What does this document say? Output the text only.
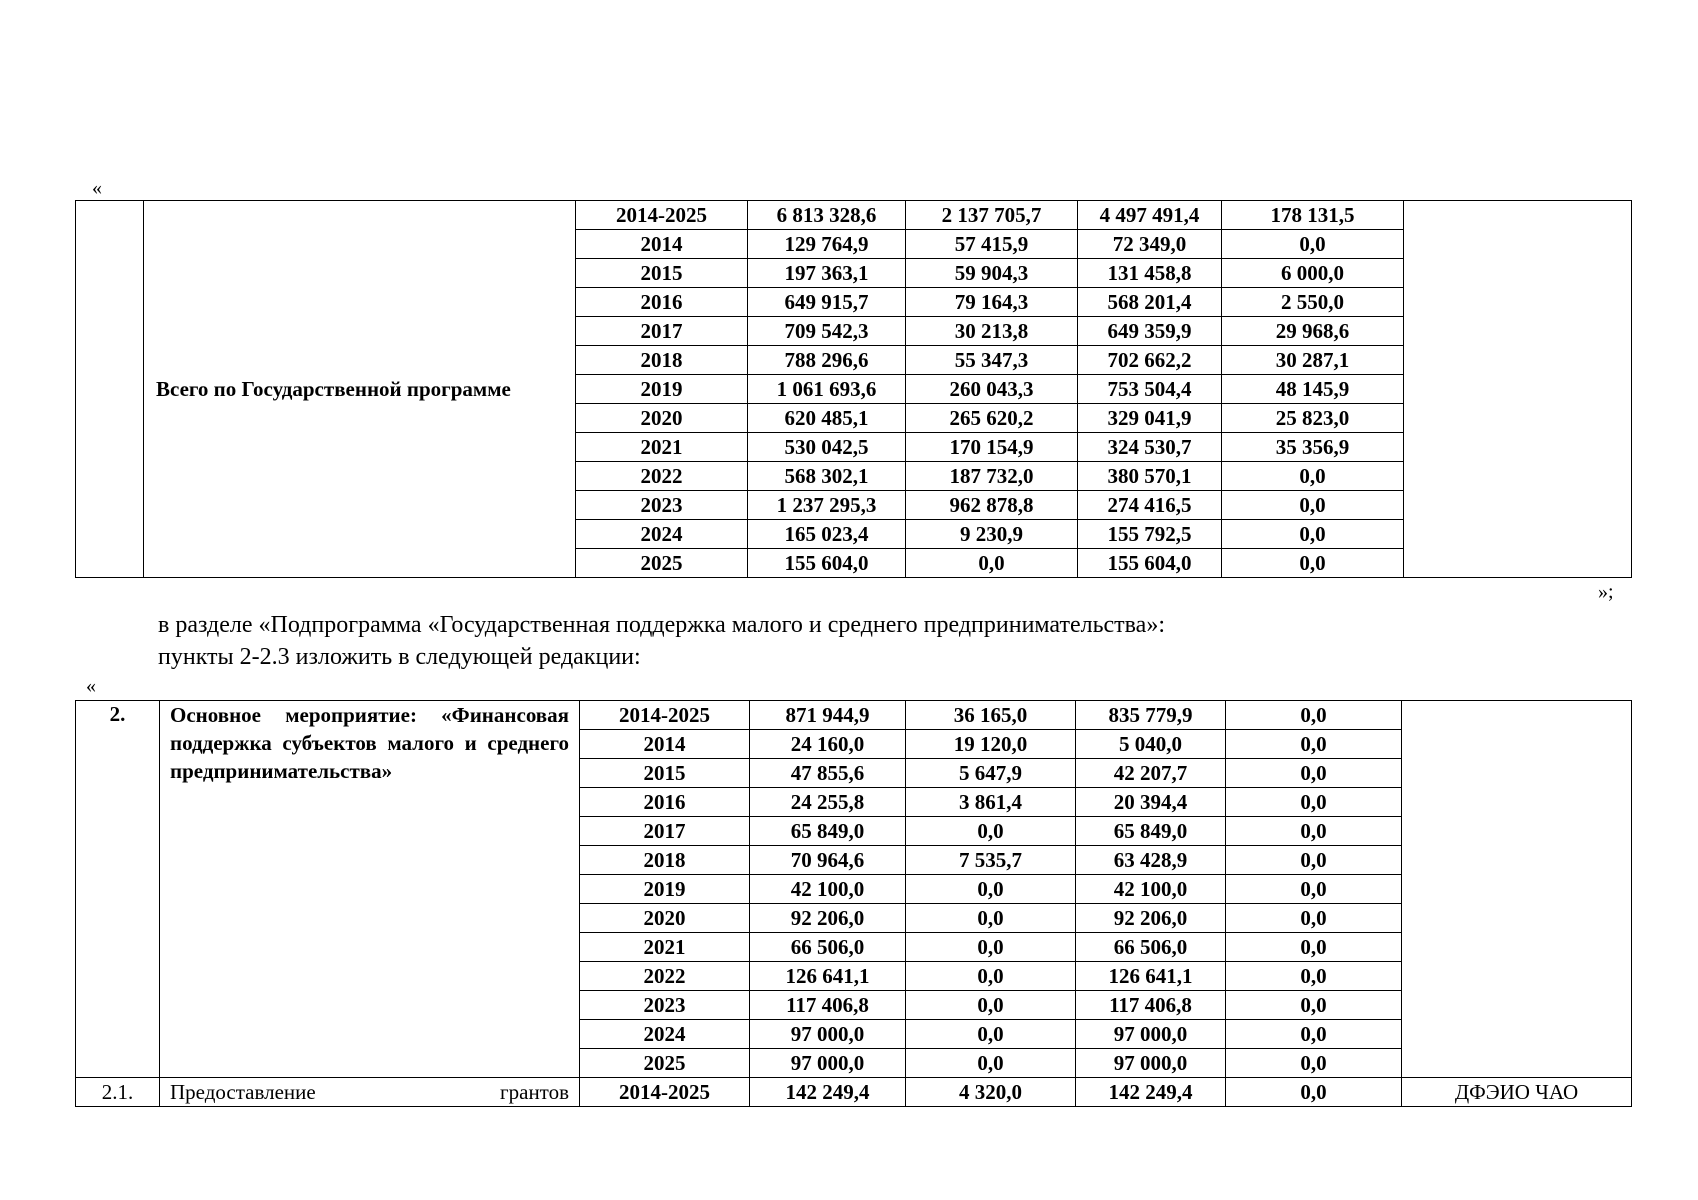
«
	Всего по Государственной программе	2014-2025	6 813 328,6	2 137 705,7	4 497 491,4	178 131,5	
		2014	129 764,9	57 415,9	72 349,0	0,0	
		2015	197 363,1	59 904,3	131 458,8	6 000,0	
		2016	649 915,7	79 164,3	568 201,4	2 550,0	
		2017	709 542,3	30 213,8	649 359,9	29 968,6	
		2018	788 296,6	55 347,3	702 662,2	30 287,1	
		2019	1 061 693,6	260 043,3	753 504,4	48 145,9	
		2020	620 485,1	265 620,2	329 041,9	25 823,0	
		2021	530 042,5	170 154,9	324 530,7	35 356,9	
		2022	568 302,1	187 732,0	380 570,1	0,0	
		2023	1 237 295,3	962 878,8	274 416,5	0,0	
		2024	165 023,4	9 230,9	155 792,5	0,0	
		2025	155 604,0	0,0	155 604,0	0,0	
»;
в разделе «Подпрограмма «Государственная поддержка малого и среднего предпринимательства»:
пункты 2-2.3 изложить в следующей редакции:
«
2.	Основное мероприятие: «Финансовая поддержка субъектов малого и среднего предпринимательства»	2014-2025	871 944,9	36 165,0	835 779,9	0,0	
		2014	24 160,0	19 120,0	5 040,0	0,0	
		2015	47 855,6	5 647,9	42 207,7	0,0	
		2016	24 255,8	3 861,4	20 394,4	0,0	
		2017	65 849,0	0,0	65 849,0	0,0	
		2018	70 964,6	7 535,7	63 428,9	0,0	
		2019	42 100,0	0,0	42 100,0	0,0	
		2020	92 206,0	0,0	92 206,0	0,0	
		2021	66 506,0	0,0	66 506,0	0,0	
		2022	126 641,1	0,0	126 641,1	0,0	
		2023	117 406,8	0,0	117 406,8	0,0	
		2024	97 000,0	0,0	97 000,0	0,0	
		2025	97 000,0	0,0	97 000,0	0,0	
2.1.	Предоставление грантов	2014-2025	142 249,4	4 320,0	142 249,4	0,0	ДФЭИО ЧАО
